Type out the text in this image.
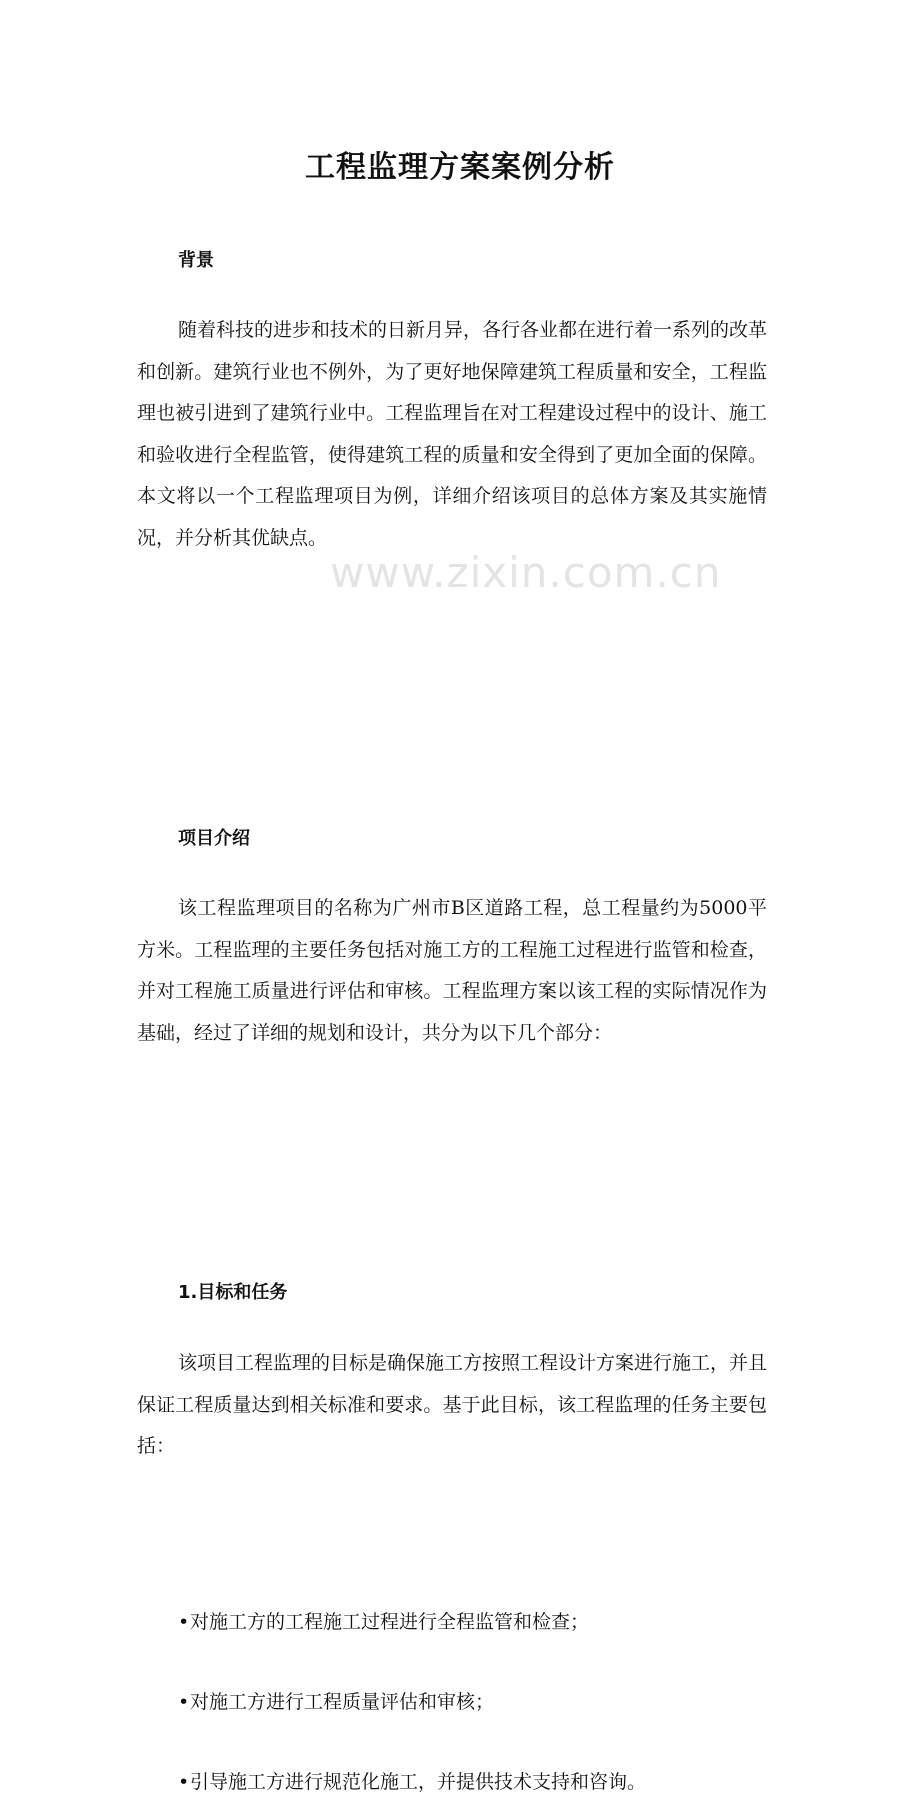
www.zixin.com.cn
工程监理方案案例分析
背景

随着科技的进步和技术的日新月异，各行各业都在进行着一系列的改革和创新。建筑行业也不例外，为了更好地保障建筑工程质量和安全，工程监理也被引进到了建筑行业中。工程监理旨在对工程建设过程中的设计、施工和验收进行全程监管，使得建筑工程的质量和安全得到了更加全面的保障。本文将以一个工程监理项目为例，详细介绍该项目的总体方案及其实施情况，并分析其优缺点。

项目介绍

该工程监理项目的名称为广州市B区道路工程，总工程量约为5000平方米。工程监理的主要任务包括对施工方的工程施工过程进行监管和检查，并对工程施工质量进行评估和审核。工程监理方案以该工程的实际情况作为基础，经过了详细的规划和设计，共分为以下几个部分：

1.目标和任务

该项目工程监理的目标是确保施工方按照工程设计方案进行施工，并且保证工程质量达到相关标准和要求。基于此目标，该工程监理的任务主要包括：

•对施工方的工程施工过程进行全程监管和检查；

•对施工方进行工程质量评估和审核；

•引导施工方进行规范化施工，并提供技术支持和咨询。
